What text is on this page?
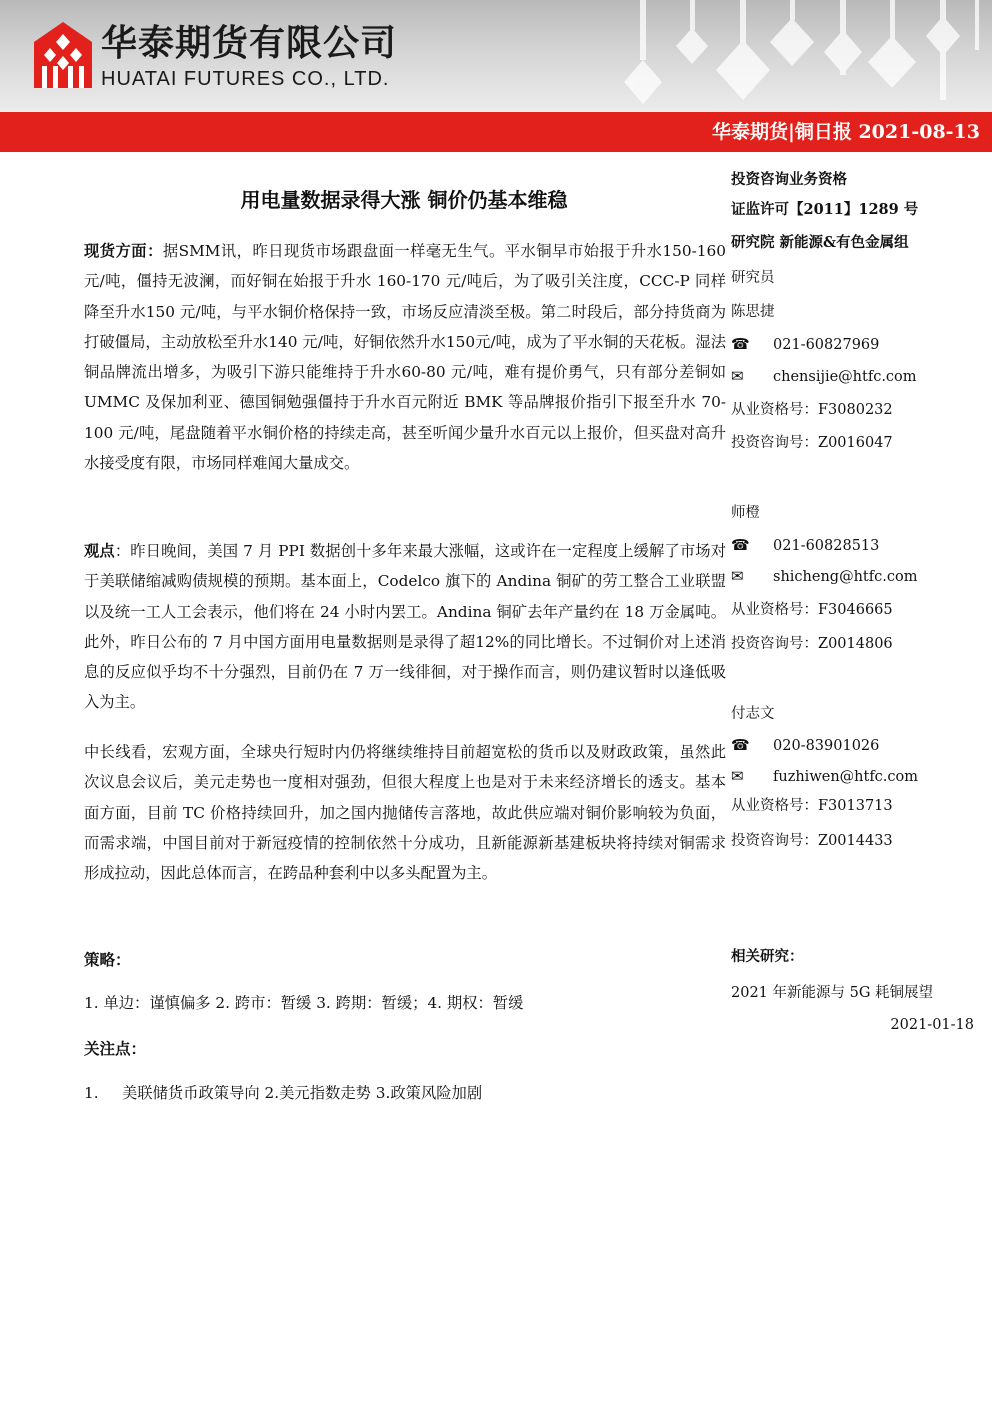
华泰期货有限公司
HUATAI FUTURES CO., LTD.
华泰期货|铜日报 2021-08-13
用电量数据录得大涨 铜价仍基本维稳

现货方面：据SMM讯，昨日现货市场跟盘面一样毫无生气。平水铜早市始报于升水150-160 元/吨，僵持无波澜，而好铜在始报于升水 160-170 元/吨后，为了吸引关注度，CCC-P 同样降至升水150 元/吨，与平水铜价格保持一致，市场反应清淡至极。第二时段后，部分持货商为打破僵局，主动放松至升水140 元/吨，好铜依然升水150元/吨，成为了平水铜的天花板。湿法铜品牌流出增多，为吸引下游只能维持于升水60-80 元/吨，难有提价勇气，只有部分差铜如 UMMC 及保加利亚、德国铜勉强僵持于升水百元附近 BMK 等品牌报价指引下报至升水 70-100 元/吨，尾盘随着平水铜价格的持续走高，甚至听闻少量升水百元以上报价，但买盘对高升水接受度有限，市场同样难闻大量成交。

观点：昨日晚间，美国 7 月 PPI 数据创十多年来最大涨幅，这或许在一定程度上缓解了市场对于美联储缩减购债规模的预期。基本面上，Codelco 旗下的 Andina 铜矿的劳工整合工业联盟以及统一工人工会表示，他们将在 24 小时内罢工。Andina 铜矿去年产量约在 18 万金属吨。此外，昨日公布的 7 月中国方面用电量数据则是录得了超12%的同比增长。不过铜价对上述消息的反应似乎均不十分强烈，目前仍在 7 万一线徘徊，对于操作而言，则仍建议暂时以逢低吸入为主。

中长线看，宏观方面，全球央行短时内仍将继续维持目前超宽松的货币以及财政政策，虽然此次议息会议后，美元走势也一度相对强劲，但很大程度上也是对于未来经济增长的透支。基本面方面，目前 TC 价格持续回升，加之国内抛储传言落地，故此供应端对铜价影响较为负面，而需求端，中国目前对于新冠疫情的控制依然十分成功，且新能源新基建板块将持续对铜需求形成拉动，因此总体而言，在跨品种套利中以多头配置为主。

策略：
1. 单边：谨慎偏多 2. 跨市：暂缓 3. 跨期：暂缓；4. 期权：暂缓
关注点：
1. 美联储货币政策导向 2.美元指数走势 3.政策风险加剧
投资咨询业务资格
证监许可【2011】1289 号
研究院 新能源&有色金属组
研究员
陈思捷
☎ 021-60827969
✉ chensijie@htfc.com
从业资格号：F3080232
投资咨询号：Z0016047
师橙
☎ 021-60828513
✉ shicheng@htfc.com
从业资格号：F3046665
投资咨询号：Z0014806
付志文
☎ 020-83901026
✉ fuzhiwen@htfc.com
从业资格号：F3013713
投资咨询号：Z0014433
相关研究：
2021 年新能源与 5G 耗铜展望
2021-01-18
